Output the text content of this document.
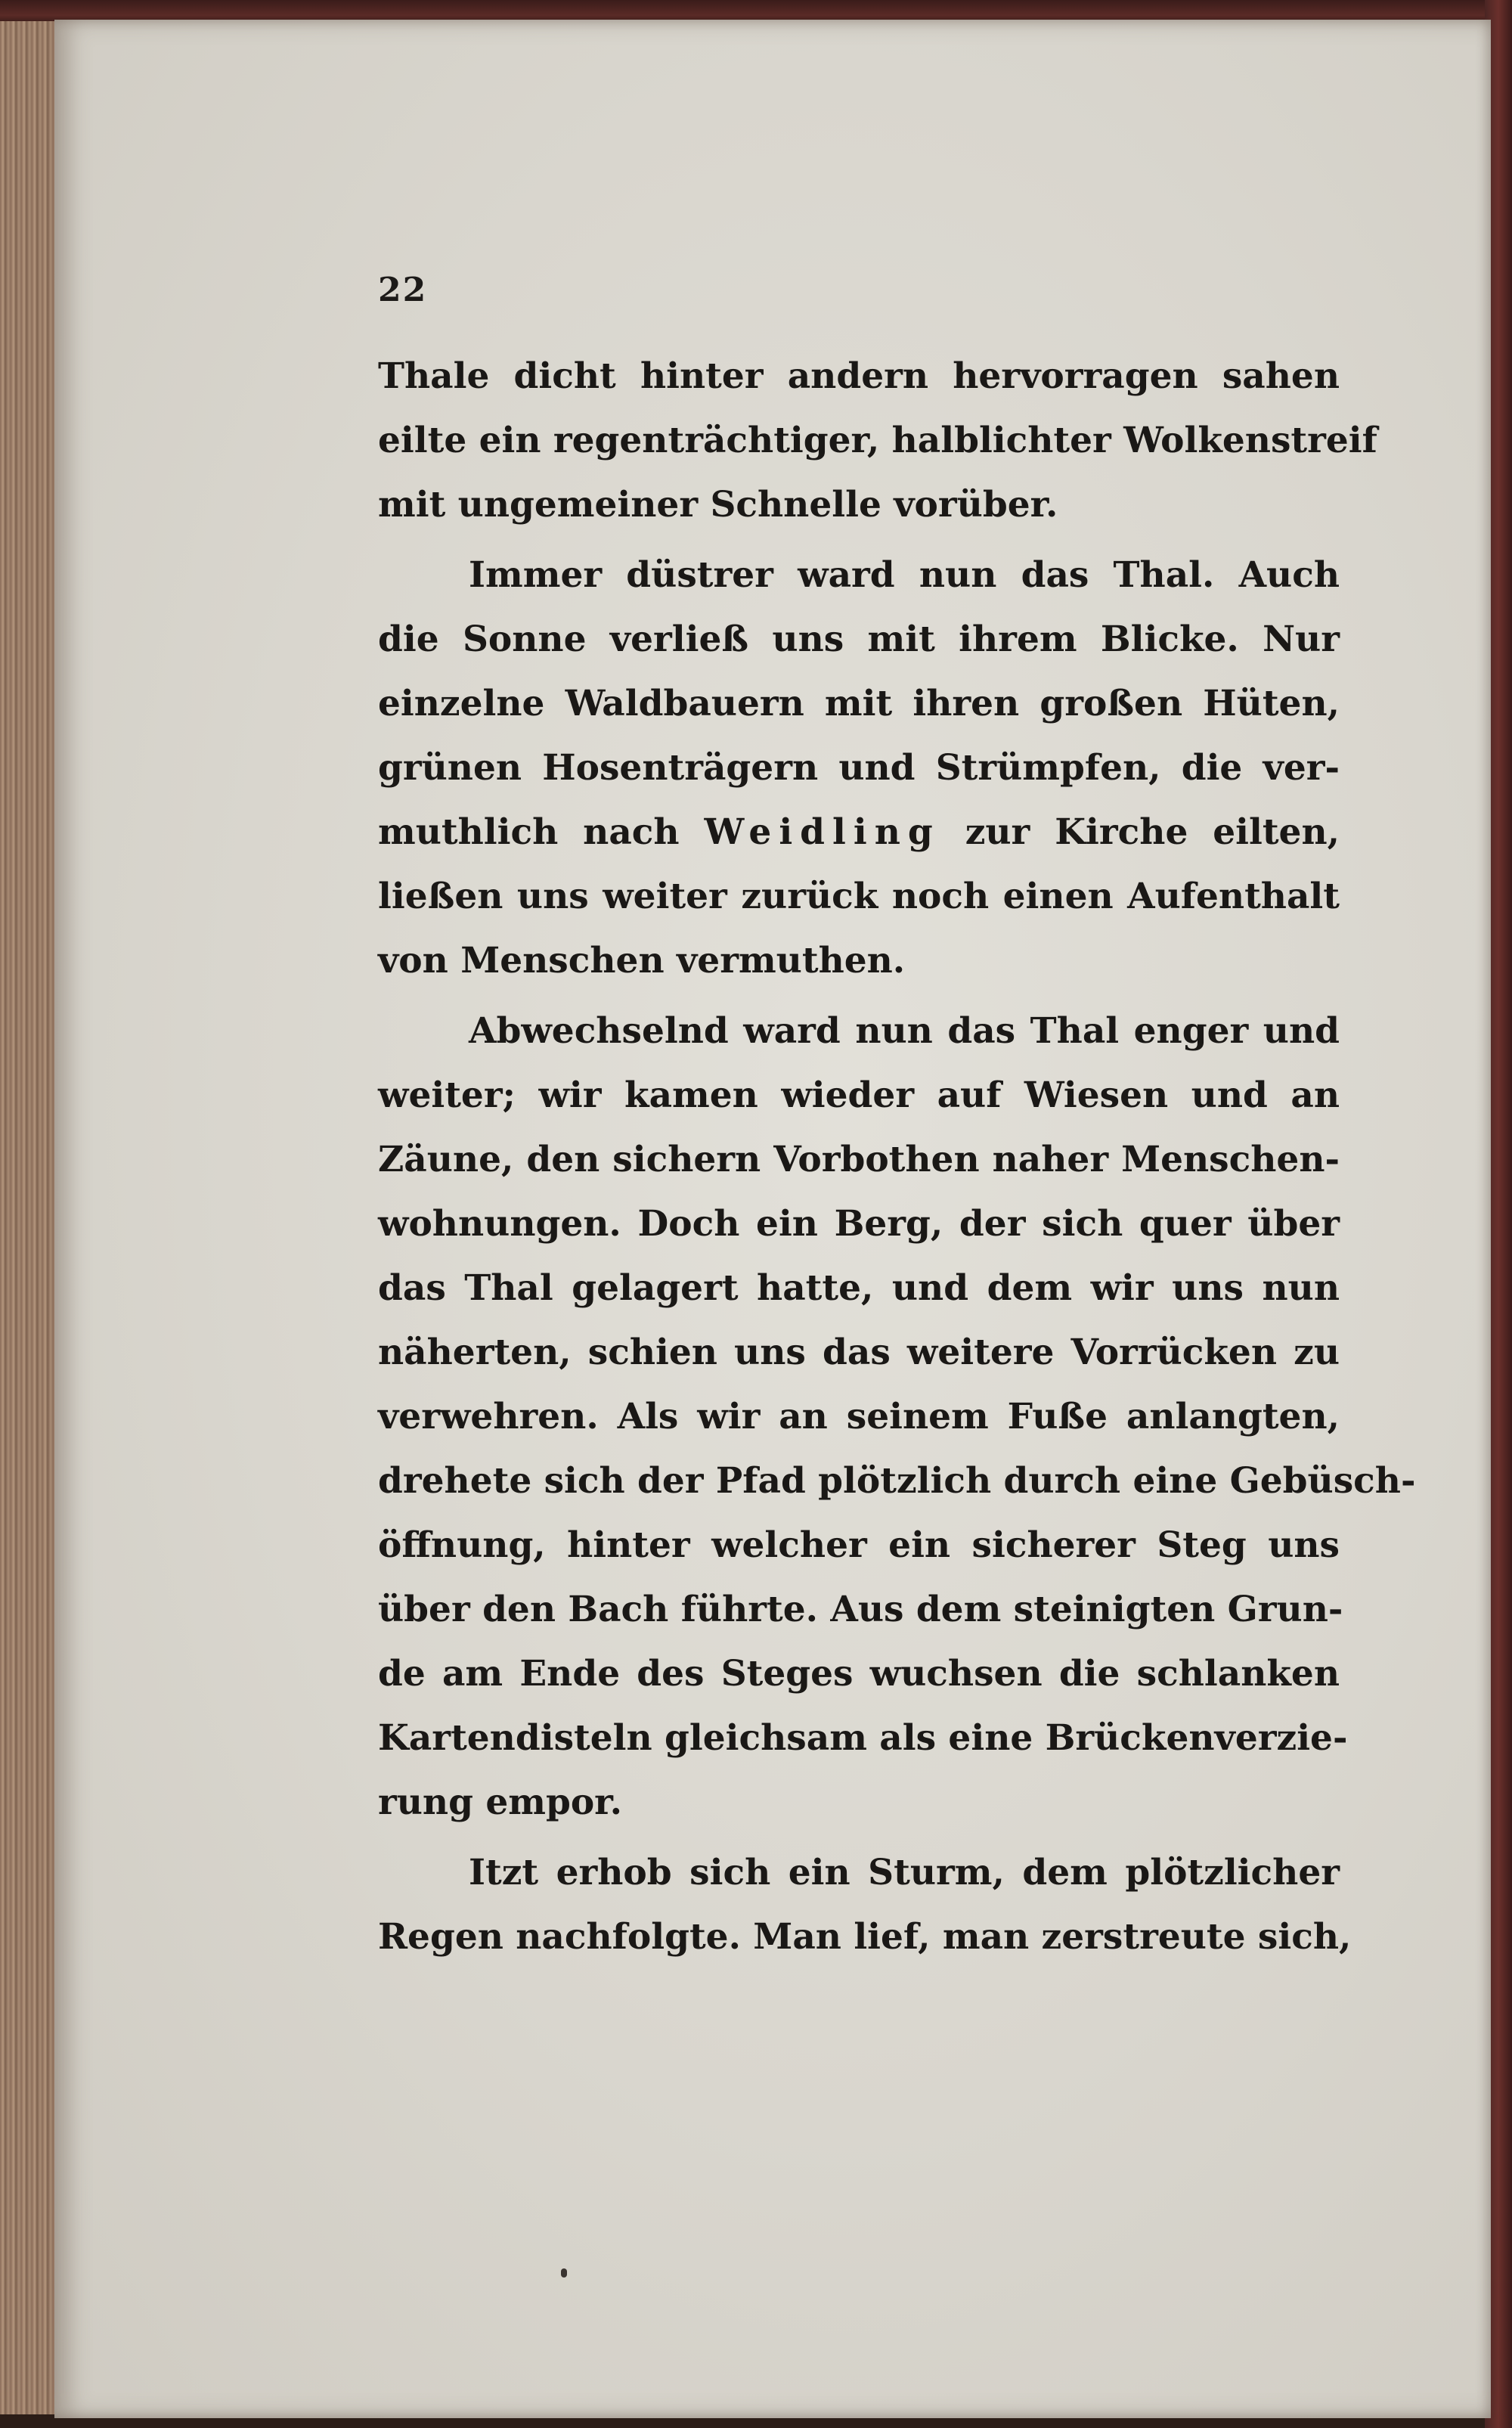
22

Thale dicht hinter andern hervorragen sahen
eilte ein regenträchtiger, halblichter Wolkenstreif
mit ungemeiner Schnelle vorüber.

Immer düstrer ward nun das Thal. Auch
die Sonne verließ uns mit ihrem Blicke. Nur
einzelne Waldbauern mit ihren großen Hüten,
grünen Hosenträgern und Strümpfen, die ver-
muthlich nach Weidling zur Kirche eilten,
ließen uns weiter zurück noch einen Aufenthalt
von Menschen vermuthen.

Abwechselnd ward nun das Thal enger und
weiter; wir kamen wieder auf Wiesen und an
Zäune, den sichern Vorbothen naher Menschen-
wohnungen. Doch ein Berg, der sich quer über
das Thal gelagert hatte, und dem wir uns nun
näherten, schien uns das weitere Vorrücken zu
verwehren. Als wir an seinem Fuße anlangten,
drehete sich der Pfad plötzlich durch eine Gebüsch-
öffnung, hinter welcher ein sicherer Steg uns
über den Bach führte. Aus dem steinigten Grun-
de am Ende des Steges wuchsen die schlanken
Kartendisteln gleichsam als eine Brückenverzie-
rung empor.

Itzt erhob sich ein Sturm, dem plötzlicher
Regen nachfolgte. Man lief, man zerstreute sich,
